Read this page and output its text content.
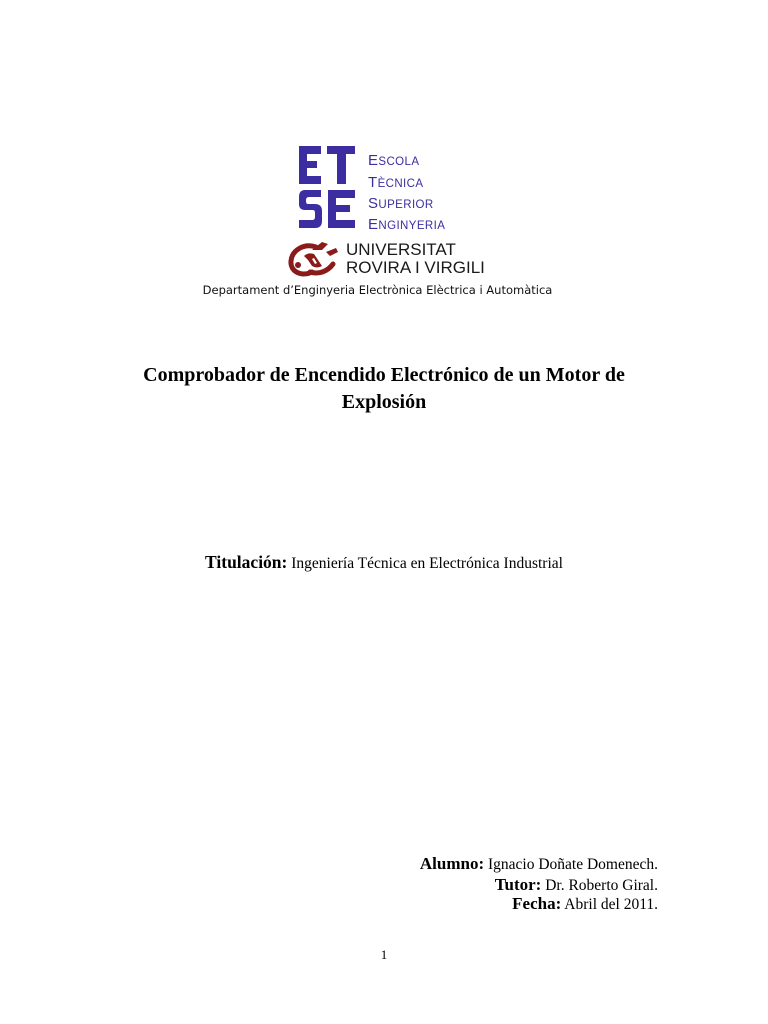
ESCOLA
TÈCNICA
SUPERIOR
ENGINYERIA
UNIVERSITAT
ROVIRA I VIRGILI
Departament d’Enginyeria Electrònica Elèctrica i Automàtica
Comprobador de Encendido Electrónico de un Motor de
Explosión
Titulación: Ingeniería Técnica en Electrónica Industrial
Alumno: Ignacio Doñate Domenech.
Tutor: Dr. Roberto Giral.
Fecha: Abril del 2011.
1
